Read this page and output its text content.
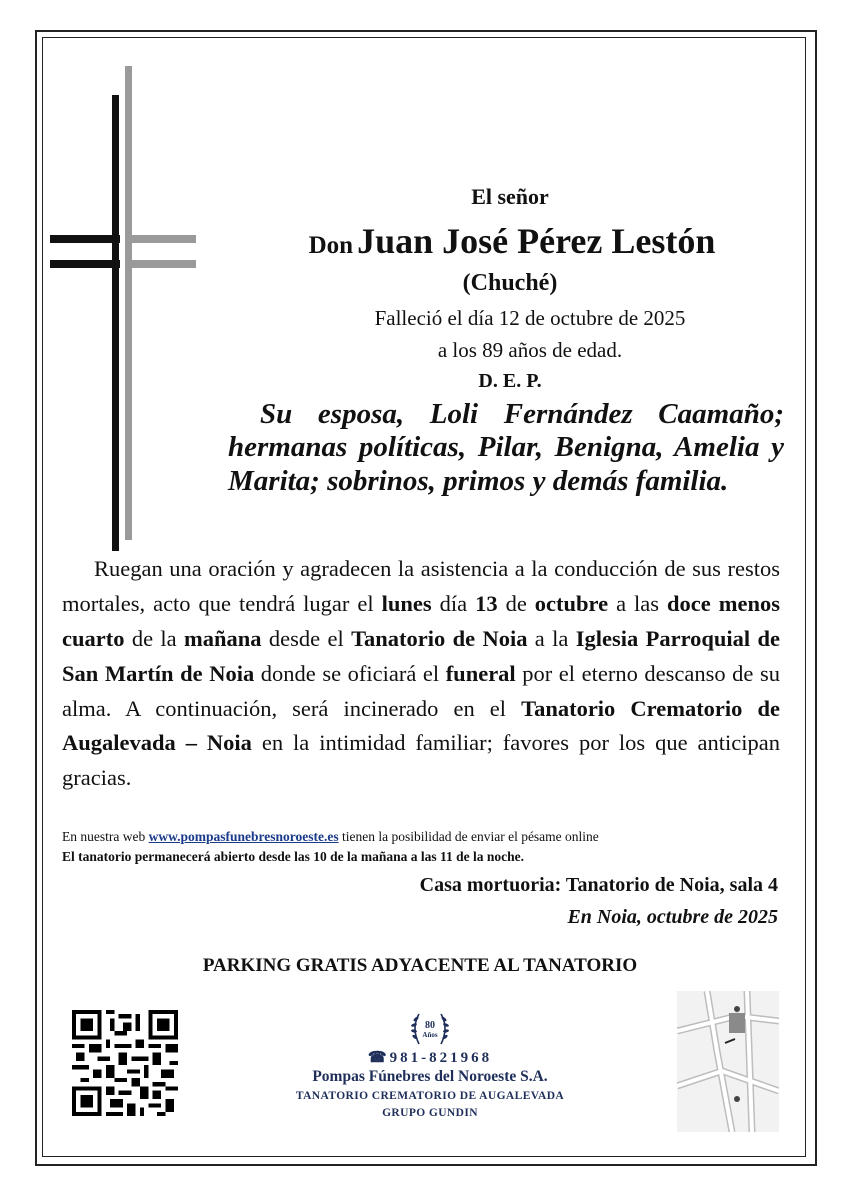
El señor
Don Juan José Pérez Lestón
(Chuché)
Falleció el día 12 de octubre de 2025
a los 89 años de edad.
D. E. P.

Su esposa, Loli Fernández Caamaño; hermanas políticas, Pilar, Benigna, Amelia y Marita; sobrinos, primos y demás familia.

Ruegan una oración y agradecen la asistencia a la conducción de sus restos mortales, acto que tendrá lugar el lunes día 13 de octubre a las doce menos cuarto de la mañana desde el Tanatorio de Noia a la Iglesia Parroquial de San Martín de Noia donde se oficiará el funeral por el eterno descanso de su alma. A continuación, será incinerado en el Tanatorio Crematorio de Augalevada – Noia en la intimidad familiar; favores por los que anticipan gracias.

En nuestra web www.pompasfunebresnoroeste.es tienen la posibilidad de enviar el pésame online
El tanatorio permanecerá abierto desde las 10 de la mañana a las 11 de la noche.
Casa mortuoria: Tanatorio de Noia, sala 4
En Noia, octubre de 2025
PARKING GRATIS ADYACENTE AL TANATORIO
80
Años
☎981-821968
Pompas Fúnebres del Noroeste S.A.
TANATORIO CREMATORIO DE AUGALEVADA
GRUPO GUNDIN
